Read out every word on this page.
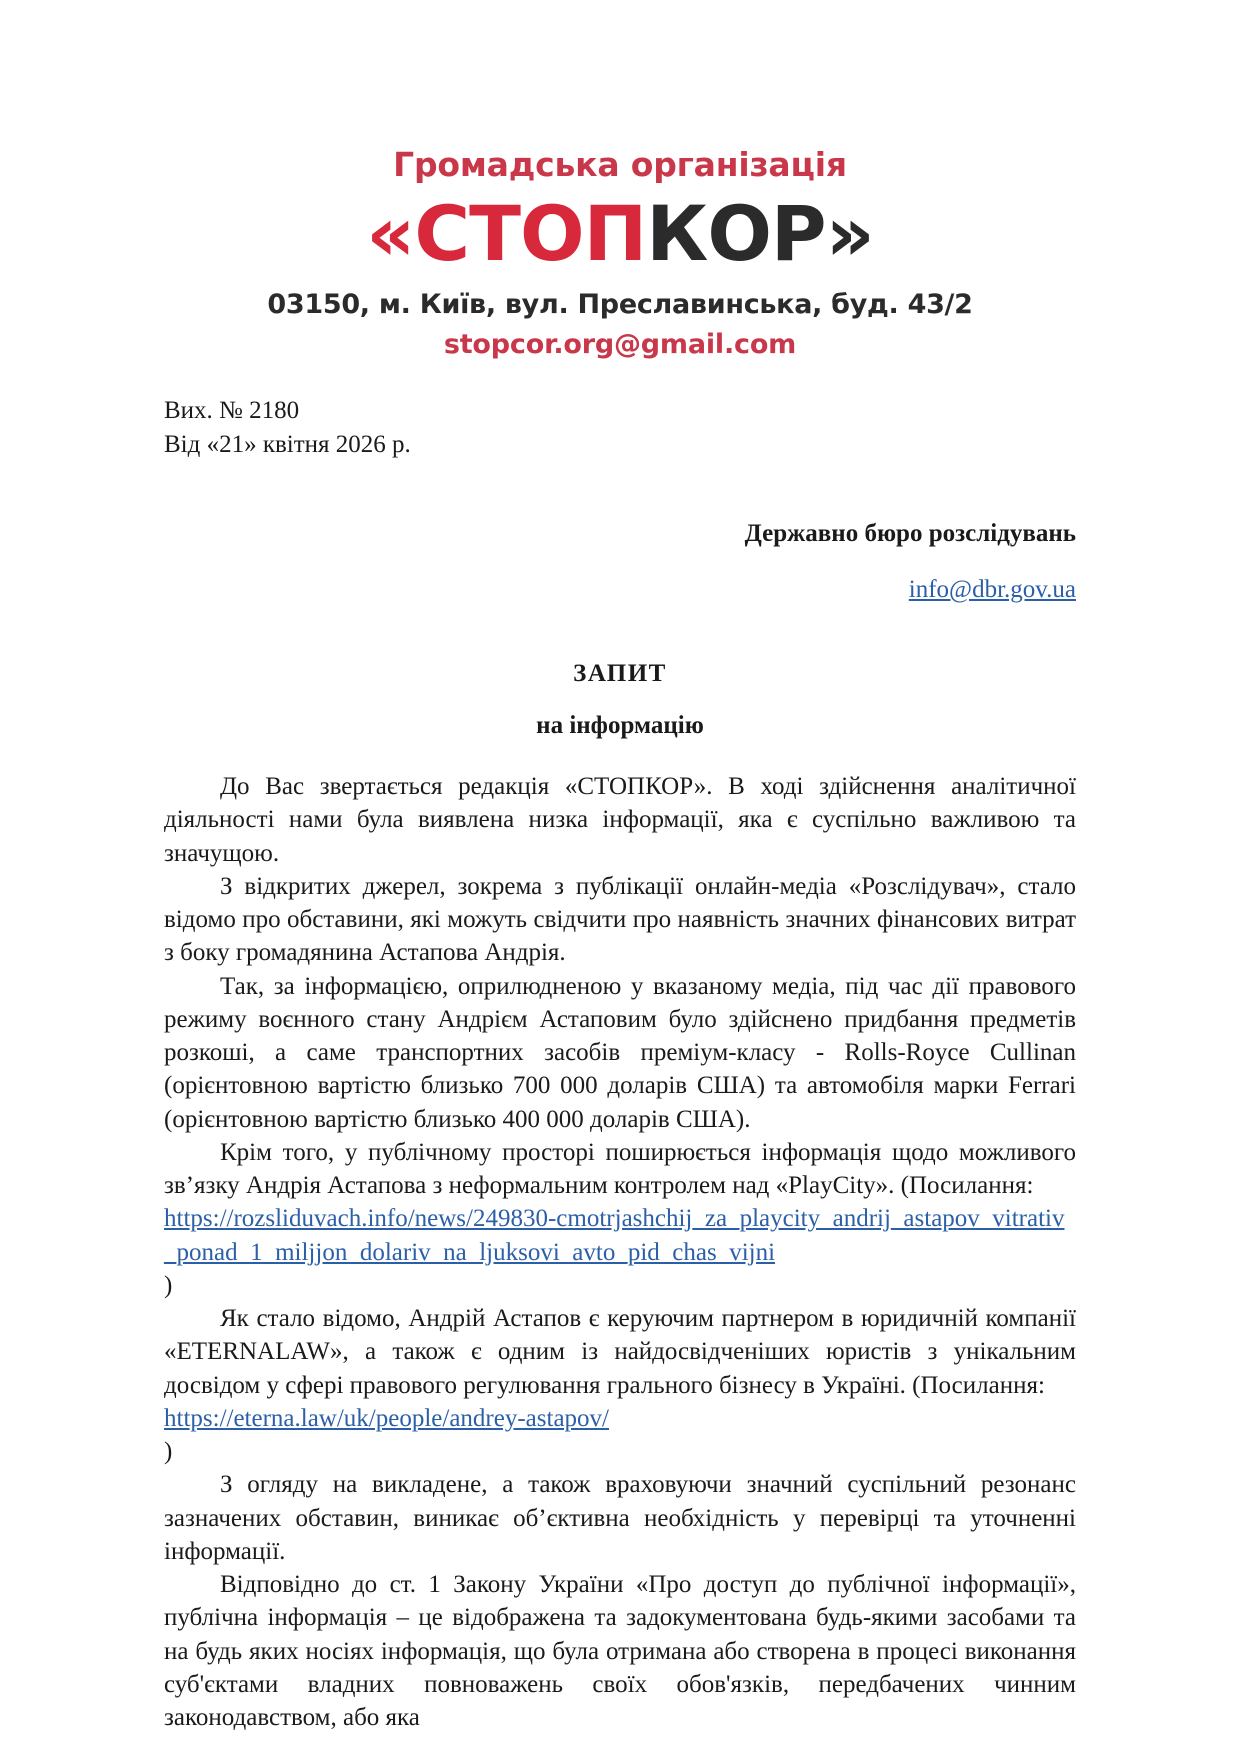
Громадська організація
«СТОПКОР»
03150, м. Київ, вул. Преславинська, буд. 43/2
stopcor.org@gmail.com
Вих. № 2180
Від «21» квітня 2026 р.
Державно бюро розслідувань
info@dbr.gov.ua
ЗАПИТ
на інформацію

До Вас звертається редакція «СТОПКОР». В ході здійснення аналітичної діяльності нами була виявлена низка інформації, яка є суспільно важливою та значущою.

З відкритих джерел, зокрема з публікації онлайн-медіа «Розслідувач», стало відомо про обставини, які можуть свідчити про наявність значних фінансових витрат з боку громадянина Астапова Андрія.

Так, за інформацією, оприлюдненою у вказаному медіа, під час дії правового режиму воєнного стану Андрієм Астаповим було здійснено придбання предметів розкоші, а саме транспортних засобів преміум-класу - Rolls-Royce Cullinan (орієнтовною вартістю близько 700 000 доларів США) та автомобіля марки Ferrari (орієнтовною вартістю близько 400 000 доларів США).

Крім того, у публічному просторі поширюється інформація щодо можливого зв’язку Андрія Астапова з неформальним контролем над «PlayCity». (Посилання:
https://rozsliduvach.info/news/249830-cmotrjashchij_za_playcity_andrij_astapov_vitrativ_ponad_1_miljjon_dolariv_na_ljuksovi_avto_pid_chas_vijni
)

Як стало відомо, Андрій Астапов є керуючим партнером в юридичній компанії «ETERNALAW», а також є одним із найдосвідченіших юристів з унікальним досвідом у сфері правового регулювання грального бізнесу в Україні. (Посилання:
https://eterna.law/uk/people/andrey-astapov/
)

З огляду на викладене, а також враховуючи значний суспільний резонанс зазначених обставин, виникає об’єктивна необхідність у перевірці та уточненні інформації.

Відповідно до ст. 1 Закону України «Про доступ до публічної інформації», публічна інформація – це відображена та задокументована будь-якими засобами та на будь яких носіях інформація, що була отримана або створена в процесі виконання суб'єктами владних повноважень своїх обов'язків, передбачених чинним законодавством, або яка
